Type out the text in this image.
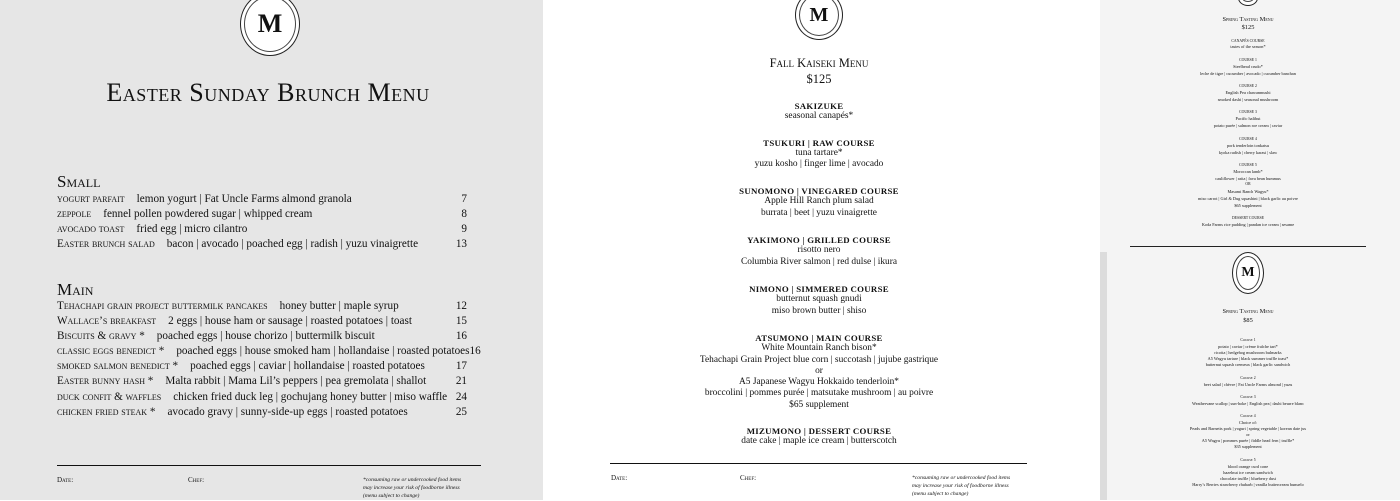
M
Easter Sunday Brunch Menu
Small
yogurt parfait lemon yogurt | Fat Uncle Farms almond granola	7
zeppole fennel pollen powdered sugar | whipped cream	8
avocado toast fried egg | micro cilantro	9
Easter brunch salad bacon | avocado | poached egg | radish | yuzu vinaigrette	13
Main
Tehachapi grain project buttermilk pancakes honey butter | maple syrup	12
Wallace’s breakfast 2 eggs | house ham or sausage | roasted potatoes | toast	15
Biscuits & gravy * poached eggs | house chorizo | buttermilk biscuit	16
classic eggs benedict * poached eggs | house smoked ham | hollandaise | roasted potatoes 16
smoked salmon benedict * poached eggs | caviar | hollandaise | roasted potatoes	17
Easter bunny hash * Malta rabbit | Mama Lil’s peppers | pea gremolata | shallot	21
duck confit & waffles chicken fried duck leg | gochujang honey butter | miso waffle 24
chicken fried steak * avocado gravy | sunny-side-up eggs | roasted potatoes	25
Date:	Chef:	*consuming raw or undercooked food items
may increase your risk of foodborne illness
(menu subject to change)
M
Fall Kaiseki Menu
$125
SAKIZUKE
seasonal canapés*
TSUKURI | RAW COURSE
tuna tartare*
yuzu kosho | finger lime | avocado
SUNOMONO | VINEGARED COURSE
Apple Hill Ranch plum salad
burrata | beet | yuzu vinaigrette
YAKIMONO | GRILLED COURSE
risotto nero
Columbia River salmon | red dulse | ikura
NIMONO | SIMMERED COURSE
butternut squash gnudi
miso brown butter | shiso
ATSUMONO | MAIN COURSE
White Mountain Ranch bison*
Tehachapi Grain Project blue corn | succotash | jujube gastrique
or
A5 Japanese Wagyu Hokkaido tenderloin*
broccolini | pommes purée | matsutake mushroom | au poivre
$65 supplement
MIZUMONO | DESSERT COURSE
date cake | maple ice cream | butterscotch
Date:	Chef:	*consuming raw or undercooked food items
may increase your risk of foodborne illness
(menu subject to change)
Spring Tasting Menu
$125
CANAPÉS COURSE
tastes of the season*
COURSE 1
Steelhead crudo*
leche de tigre | cucumber | avocado | cucumber banchan
COURSE 2
English Pea chawanmushi
smoked dashi | seasonal mushroom
COURSE 3
Pacific halibut
potato purée | salmon roe cream | caviar
COURSE 4
pork tenderloin tonkatsu
kyoka radish | cherry karasi | slaw
COURSE 5
Moroccan lamb*
cauliflower | raita | fava bean hummus
OR
Masami Ranch Wagyu*
miso carrot | Girl & Dug squashini | black garlic au poivre
$65 supplement
DESSERT COURSE
Koda Farms rice pudding | pandan ice cream | sesame
M
Spring Tasting Menu
$85
Course 1
potato | caviar | crème fraîche tart*
ricotta | hedgehog mushroom bulmarks
A5 Wagyu tartare | black summer truffle toast*
butternut squash cremeux | black garlic sandwich
Course 2
beet salad | chèvre | Fat Uncle Farms almond | yuzu
Course 3
Weathervane scallop | sun-hoke | English pea | dashi beurre blanc
Course 4
Choice of:
Peads and Barnetts pork | yogurt | spring vegetable | korean date jus
or
A5 Wagyu | pommes purée | fiddle head fern | truffle*
$35 supplement
Course 5
blood orange curd cone
hazelnut ice cream sandwich
chocolate truffle | blueberry dust
Harry’s Berries strawberry rhubarb | vanilla buttercream bunuelo
